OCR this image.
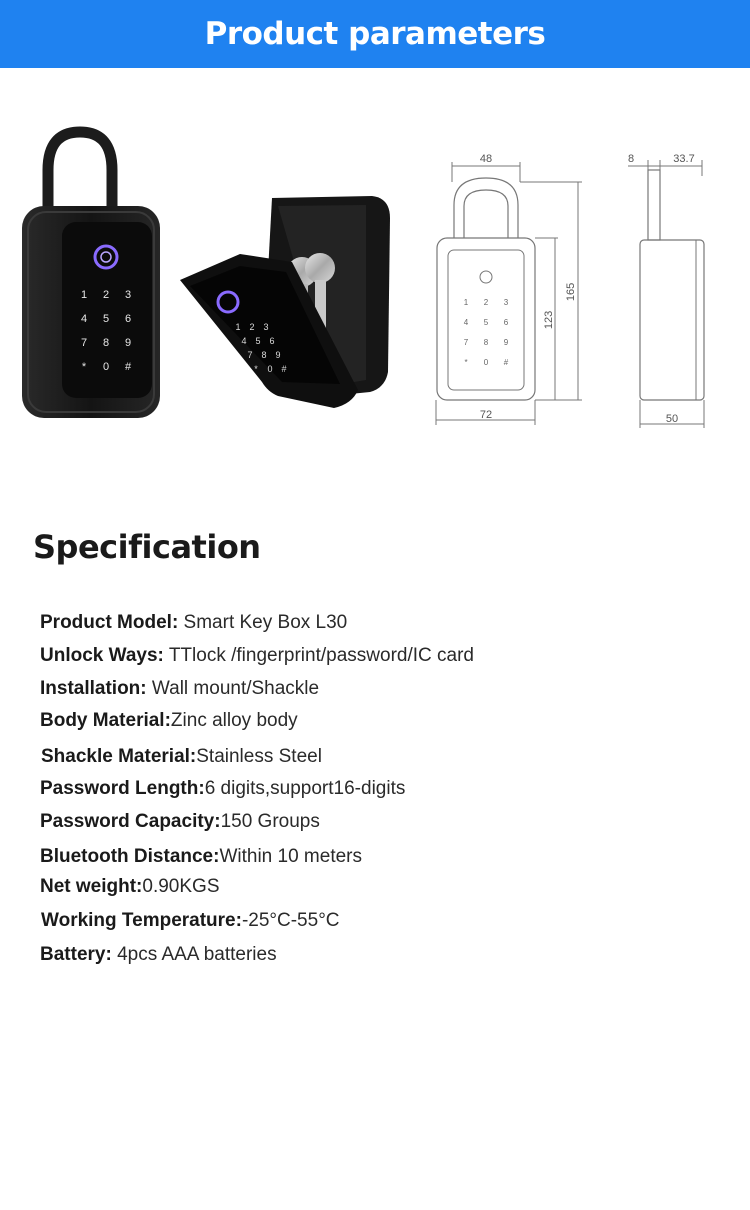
Product parameters
1 2 3
4 5 6
7 8 9
* 0 #
1 2 3
4 5 6
7 8 9
* 0 #
1 2 3
4 5 6
7 8 9
* 0 #
48
72
165
123
8	33.7
50
Specification
Product Model: Smart Key Box L30
Unlock Ways: TTlock /fingerprint/password/IC card
Installation: Wall mount/Shackle
Body Material:Zinc alloy body
Shackle Material:Stainless Steel
Password Length:6 digits,support16-digits
Password Capacity:150 Groups
Bluetooth Distance:Within 10 meters
Net weight:0.90KGS
Working Temperature:-25°C-55°C
Battery: 4pcs AAA batteries
